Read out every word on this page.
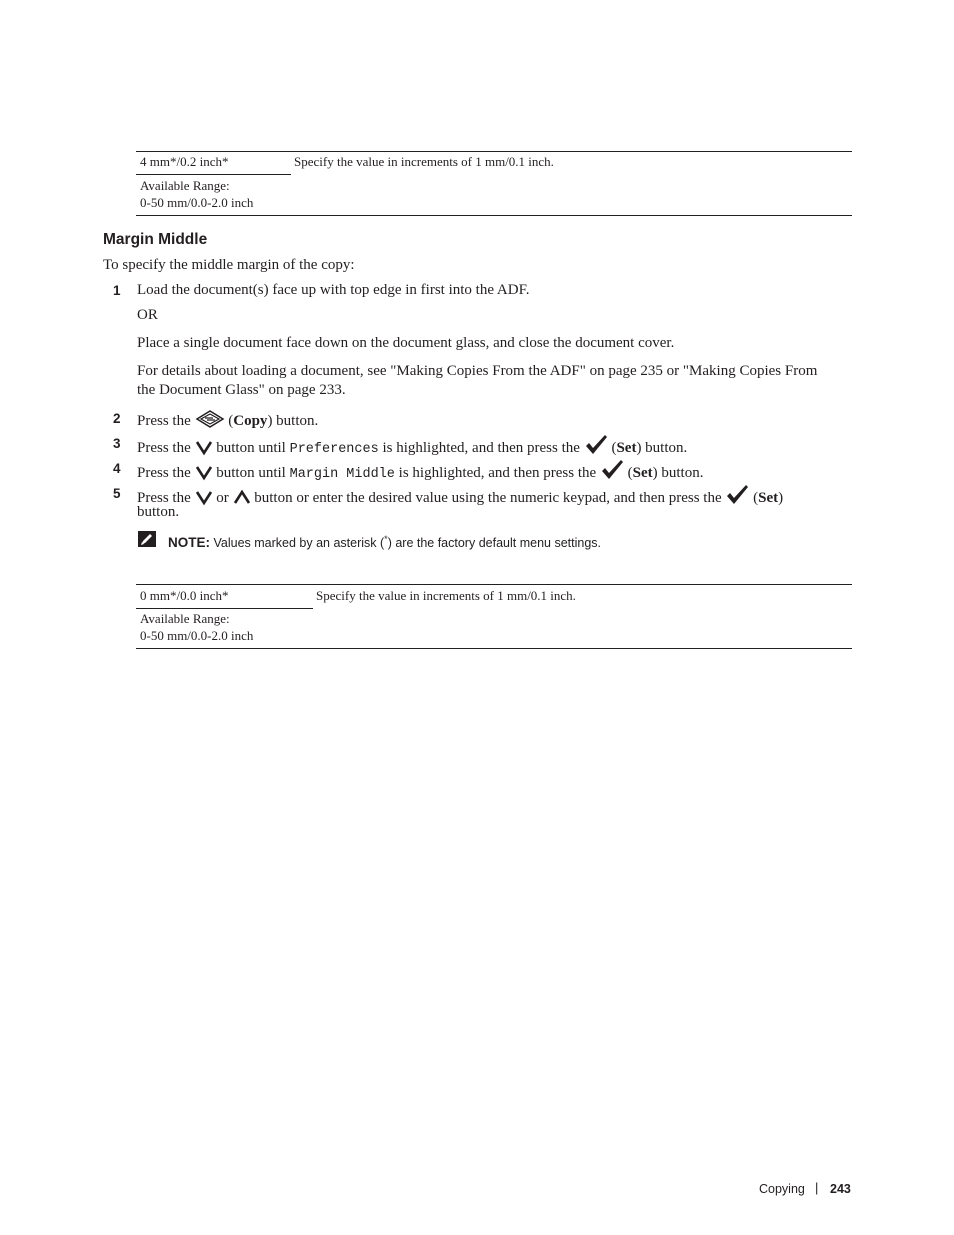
4 mm*/0.2 inch*	Specify the value in increments of 1 mm/0.1 inch.
Available Range:
0-50 mm/0.0-2.0 inch
Margin Middle
To specify the middle margin of the copy:
1 Load the document(s) face up with top edge in first into the ADF.
OR
Place a single document face down on the document glass, and close the document cover.
For details about loading a document, see "Making Copies From the ADF" on page 235 or "Making Copies From
the Document Glass" on page 233.
2 Press the  (Copy) button.
3 Press the button until Preferences is highlighted, and then press the  (Set) button.
4 Press the button until Margin Middle is highlighted, and then press the  (Set) button.
5 Press the or button or enter the desired value using the numeric keypad, and then press the  (Set)
button.
NOTE: Values marked by an asterisk (*) are the factory default menu settings.
0 mm*/0.0 inch*	Specify the value in increments of 1 mm/0.1 inch.
Available Range:
0-50 mm/0.0-2.0 inch
Copying | 243
